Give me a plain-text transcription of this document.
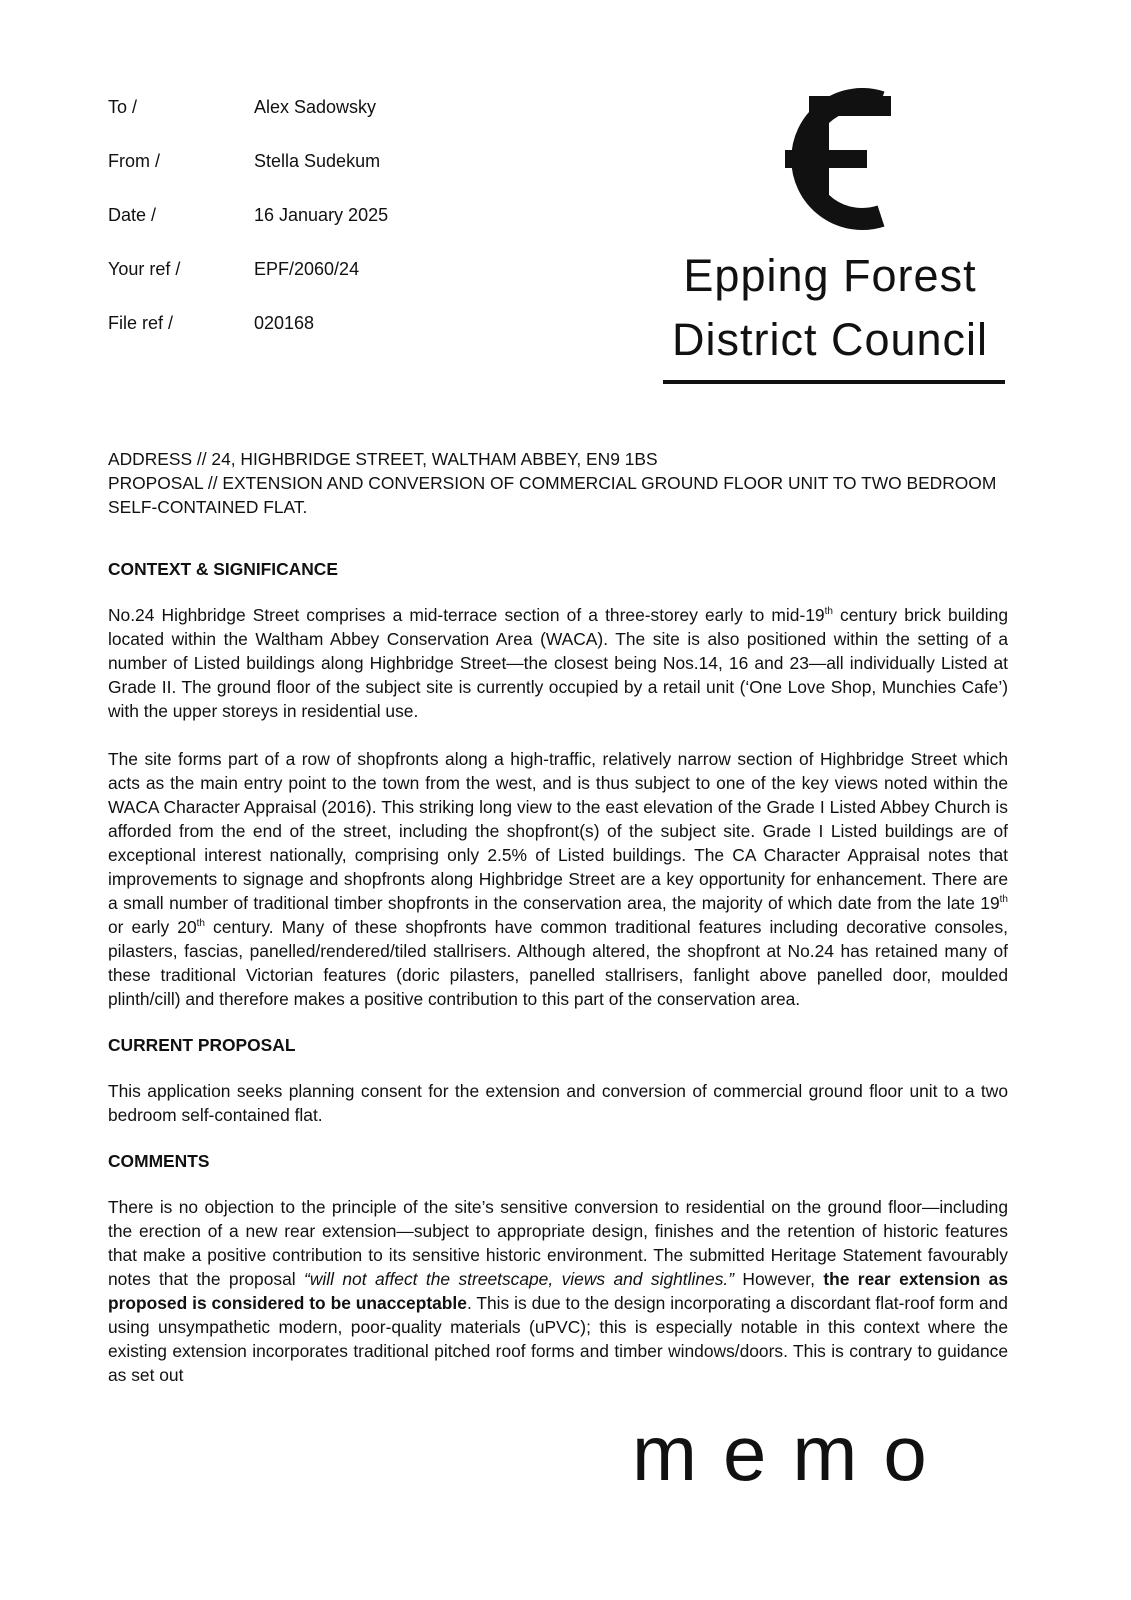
To /	Alex Sadowsky
From /	Stella Sudekum
Date /	16 January 2025
Your ref /	EPF/2060/24
File ref /	020168
Epping Forest
District Council

ADDRESS // 24, HIGHBRIDGE STREET, WALTHAM ABBEY, EN9 1BS

PROPOSAL // EXTENSION AND CONVERSION OF COMMERCIAL GROUND FLOOR UNIT TO TWO BEDROOM SELF-CONTAINED FLAT.

CONTEXT & SIGNIFICANCE

No.24 Highbridge Street comprises a mid-terrace section of a three-storey early to mid-19th century brick building located within the Waltham Abbey Conservation Area (WACA). The site is also positioned within the setting of a number of Listed buildings along Highbridge Street—the closest being Nos.14, 16 and 23—all individually Listed at Grade II. The ground floor of the subject site is currently occupied by a retail unit (‘One Love Shop, Munchies Cafe’) with the upper storeys in residential use.

The site forms part of a row of shopfronts along a high-traffic, relatively narrow section of Highbridge Street which acts as the main entry point to the town from the west, and is thus subject to one of the key views noted within the WACA Character Appraisal (2016). This striking long view to the east elevation of the Grade I Listed Abbey Church is afforded from the end of the street, including the shopfront(s) of the subject site. Grade I Listed buildings are of exceptional interest nationally, comprising only 2.5% of Listed buildings. The CA Character Appraisal notes that improvements to signage and shopfronts along Highbridge Street are a key opportunity for enhancement. There are a small number of traditional timber shopfronts in the conservation area, the majority of which date from the late 19th or early 20th century. Many of these shopfronts have common traditional features including decorative consoles, pilasters, fascias, panelled/rendered/tiled stallrisers. Although altered, the shopfront at No.24 has retained many of these traditional Victorian features (doric pilasters, panelled stallrisers, fanlight above panelled door, moulded plinth/cill) and therefore makes a positive contribution to this part of the conservation area.

CURRENT PROPOSAL

This application seeks planning consent for the extension and conversion of commercial ground floor unit to a two bedroom self-contained flat.

COMMENTS

There is no objection to the principle of the site’s sensitive conversion to residential on the ground floor—including the erection of a new rear extension—subject to appropriate design, finishes and the retention of historic features that make a positive contribution to its sensitive historic environment. The submitted Heritage Statement favourably notes that the proposal “will not affect the streetscape, views and sightlines.” However, the rear extension as proposed is considered to be unacceptable. This is due to the design incorporating a discordant flat-roof form and using unsympathetic modern, poor-quality materials (uPVC); this is especially notable in this context where the existing extension incorporates traditional pitched roof forms and timber windows/doors. This is contrary to guidance as set out

memo
